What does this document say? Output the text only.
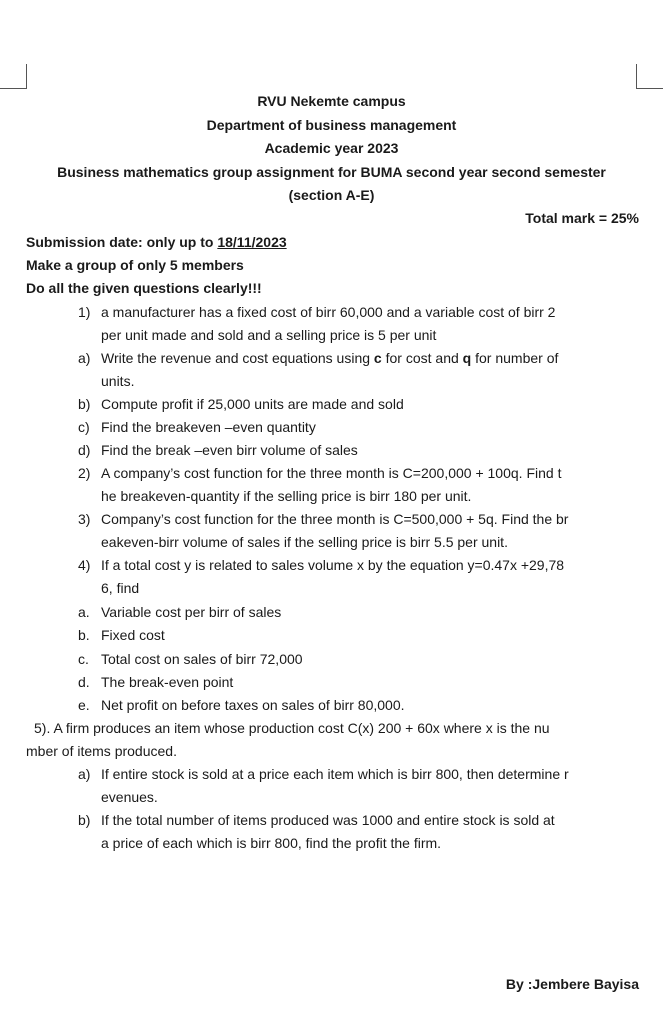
RVU Nekemte campus
Department of business management
Academic year 2023
Business mathematics group assignment for BUMA second year second semester
(section A-E)
Total mark = 25%
Submission date: only up to 18/11/2023
Make a group of only 5 members
Do all the given questions clearly!!!
1) a manufacturer has a fixed cost of birr 60,000 and a variable cost of birr 2
per unit made and sold and a selling price is 5 per unit
a) Write the revenue and cost equations using c for cost and q for number of
units.
b) Compute profit if 25,000 units are made and sold
c) Find the breakeven –even quantity
d) Find the break –even birr volume of sales
2) A company’s cost function for the three month is C=200,000 + 100q. Find t
he breakeven-quantity if the selling price is birr 180 per unit.
3) Company’s cost function for the three month is C=500,000 + 5q. Find the br
eakeven-birr volume of sales if the selling price is birr 5.5 per unit.
4) If a total cost y is related to sales volume x by the equation y=0.47x +29,78
6, find
a. Variable cost per birr of sales
b. Fixed cost
c. Total cost on sales of birr 72,000
d. The break-even point
e. Net profit on before taxes on sales of birr 80,000.
5). A firm produces an item whose production cost C(x) 200 + 60x where x is the nu
mber of items produced.
a) If entire stock is sold at a price each item which is birr 800, then determine r
evenues.
b) If the total number of items produced was 1000 and entire stock is sold at
a price of each which is birr 800, find the profit the firm.
By :Jembere Bayisa
